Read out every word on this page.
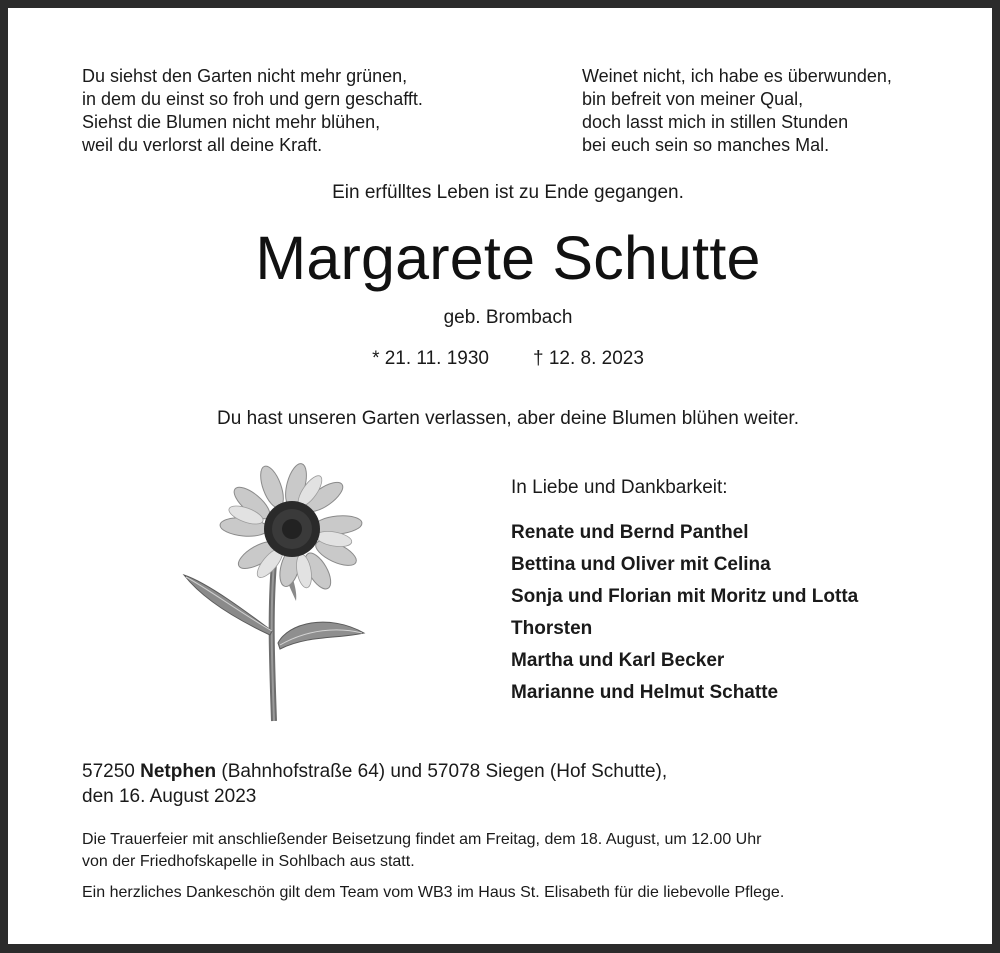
Du siehst den Garten nicht mehr grünen,
in dem du einst so froh und gern geschafft.
Siehst die Blumen nicht mehr blühen,
weil du verlorst all deine Kraft.
Weinet nicht, ich habe es überwunden,
bin befreit von meiner Qual,
doch lasst mich in stillen Stunden
bei euch sein so manches Mal.
Ein erfülltes Leben ist zu Ende gegangen.
Margarete Schutte
geb. Brombach
* 21. 11. 1930 † 12. 8. 2023
Du hast unseren Garten verlassen, aber deine Blumen blühen weiter.
In Liebe und Dankbarkeit:
Renate und Bernd Panthel
Bettina und Oliver mit Celina
Sonja und Florian mit Moritz und Lotta
Thorsten
Martha und Karl Becker
Marianne und Helmut Schatte
57250 Netphen (Bahnhofstraße 64) und 57078 Siegen (Hof Schutte),
den 16. August 2023
Die Trauerfeier mit anschließender Beisetzung findet am Freitag, dem 18. August, um 12.00 Uhr
von der Friedhofskapelle in Sohlbach aus statt.
Ein herzliches Dankeschön gilt dem Team vom WB3 im Haus St. Elisabeth für die liebevolle Pflege.
